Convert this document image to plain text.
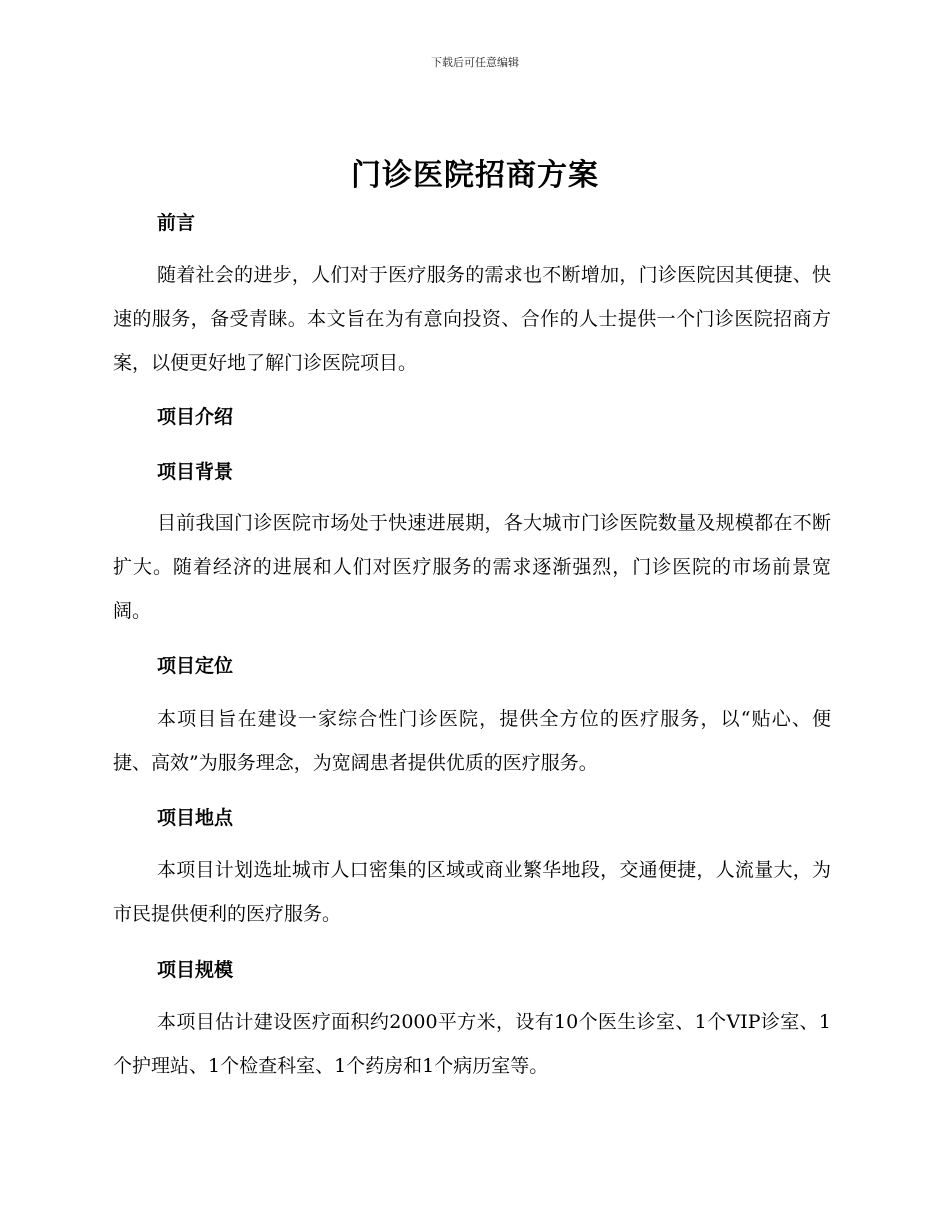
下载后可任意编辑
门诊医院招商方案
前言
随着社会的进步，人们对于医疗服务的需求也不断增加，门诊医院因其便捷、快速的服务，备受青睐。本文旨在为有意向投资、合作的人士提供一个门诊医院招商方案，以便更好地了解门诊医院项目。
项目介绍
项目背景
目前我国门诊医院市场处于快速进展期，各大城市门诊医院数量及规模都在不断扩大。随着经济的进展和人们对医疗服务的需求逐渐强烈，门诊医院的市场前景宽阔。
项目定位
本项目旨在建设一家综合性门诊医院，提供全方位的医疗服务，以“贴心、便捷、高效”为服务理念，为宽阔患者提供优质的医疗服务。
项目地点
本项目计划选址城市人口密集的区域或商业繁华地段，交通便捷，人流量大，为市民提供便利的医疗服务。
项目规模
本项目估计建设医疗面积约2000平方米，设有10个医生诊室、1个VIP诊室、1个护理站、1个检查科室、1个药房和1个病历室等。
